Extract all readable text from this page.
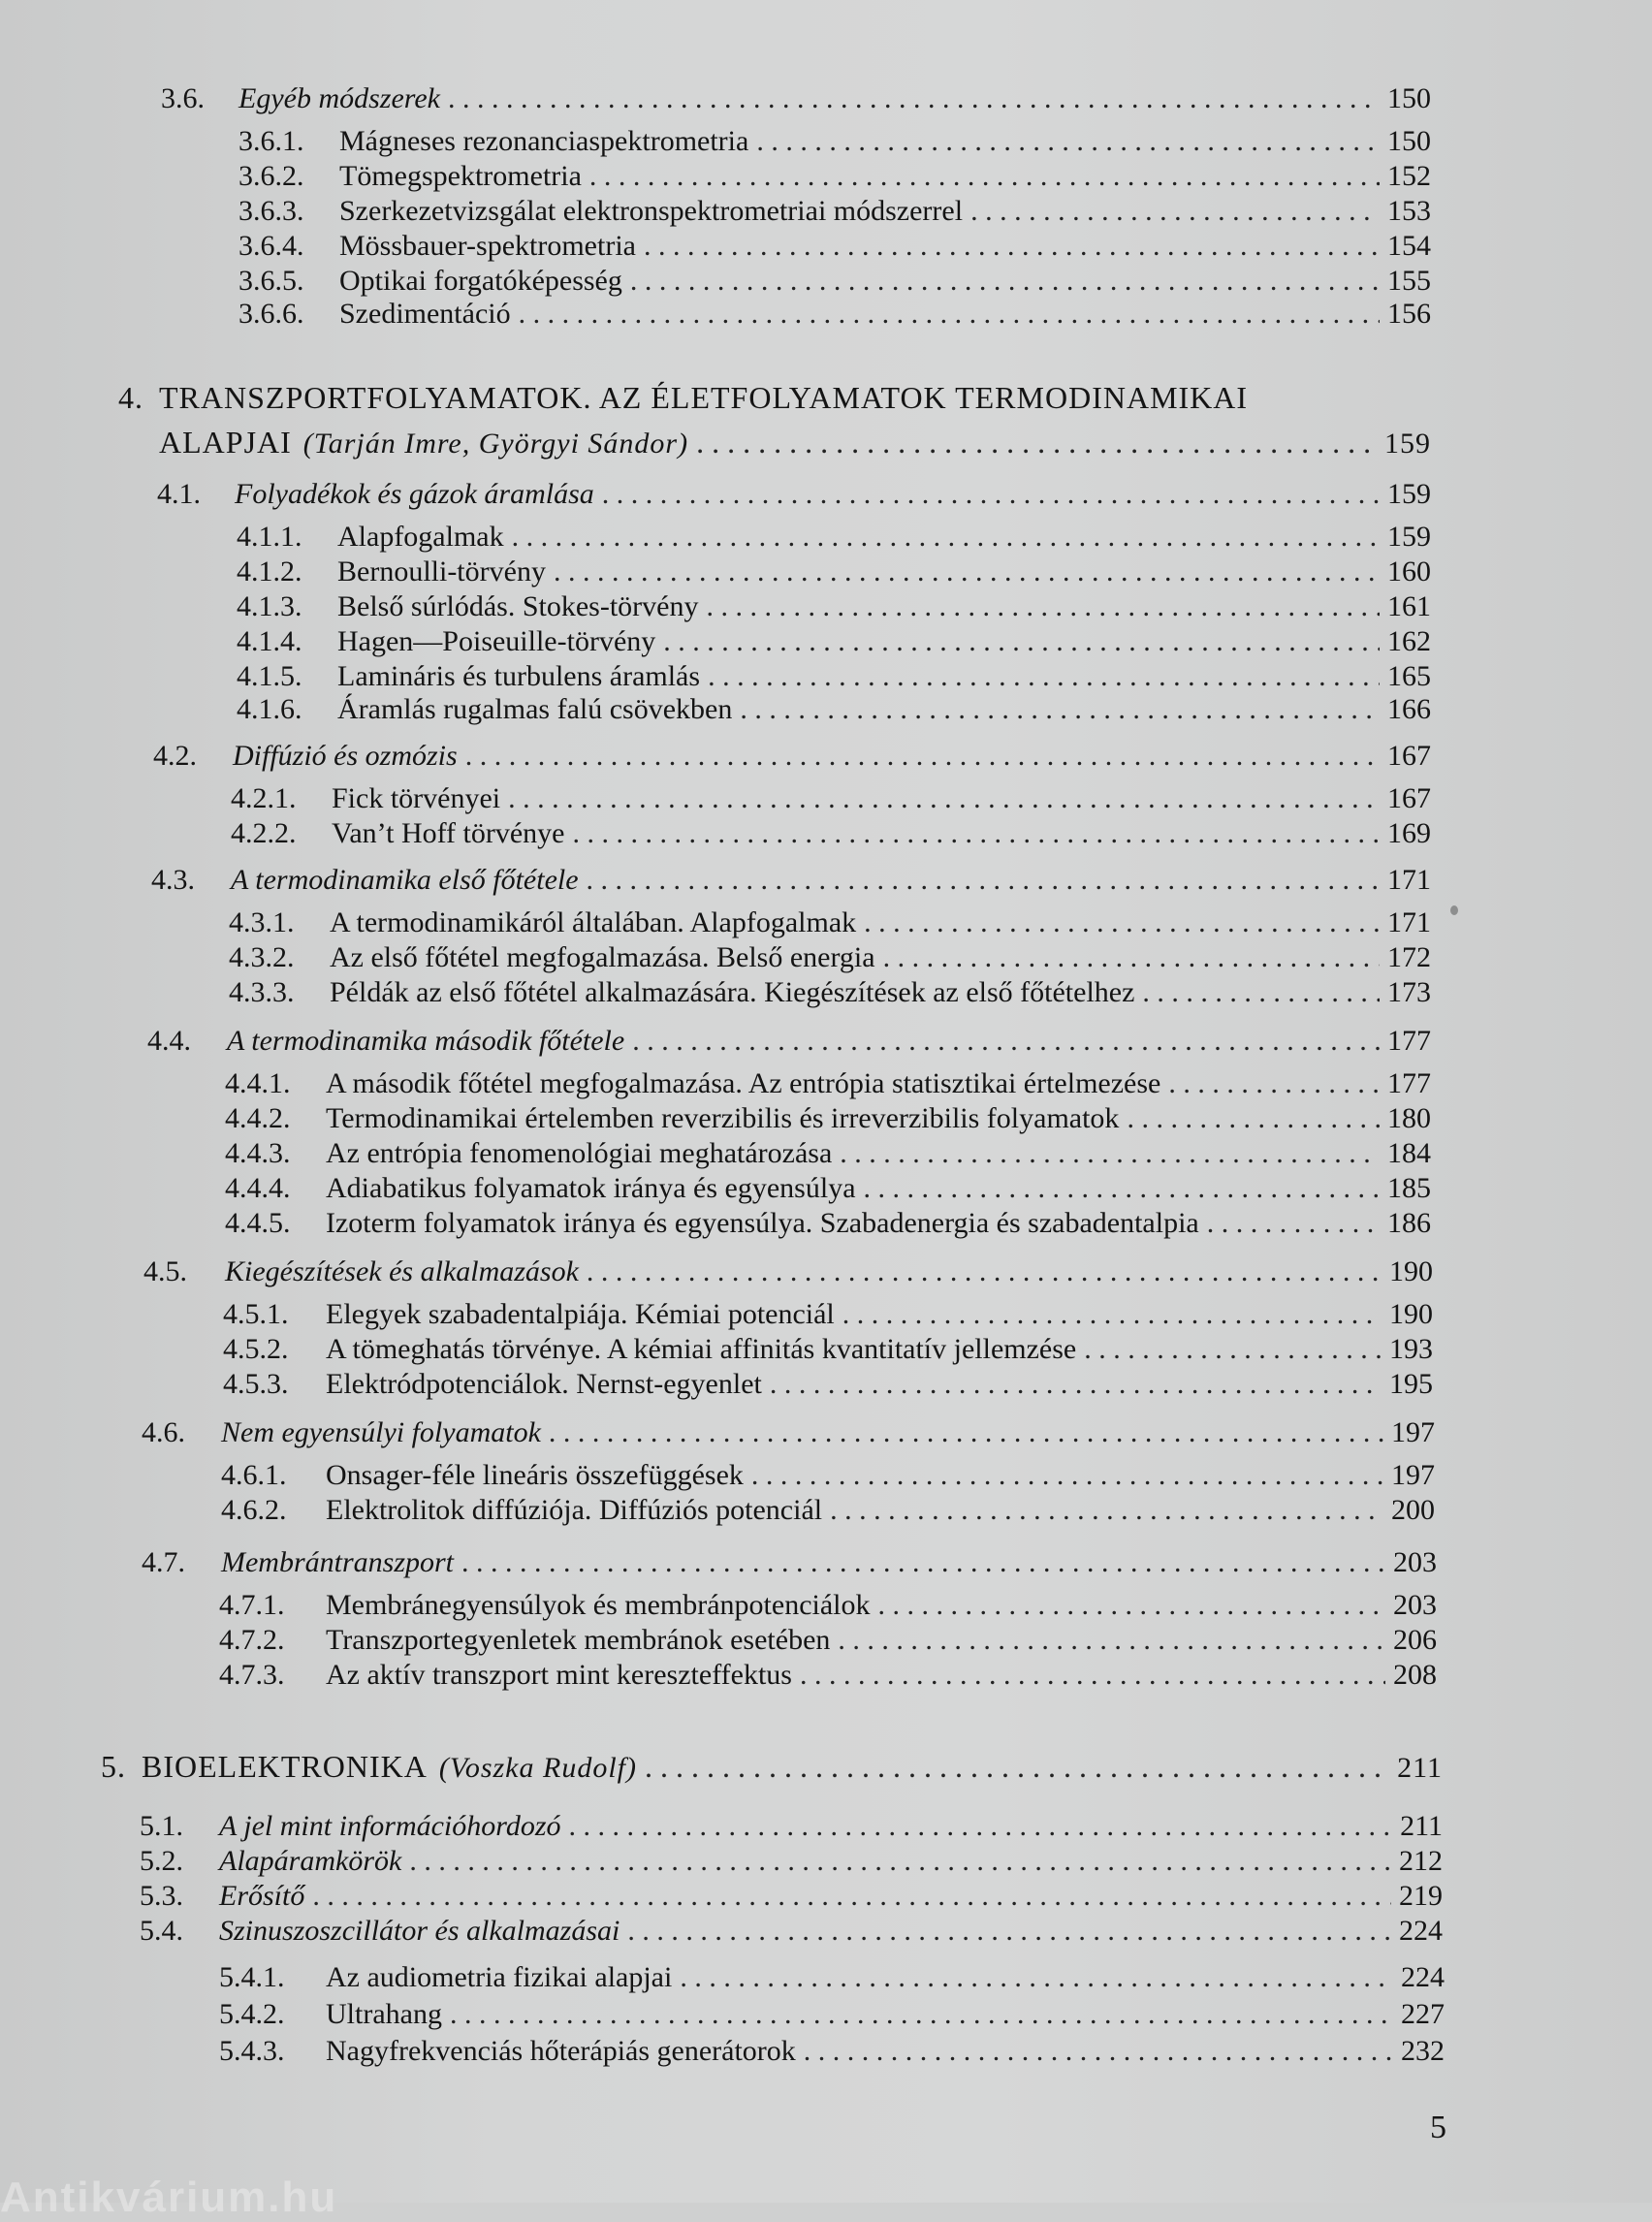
3.6.	Egyéb módszerek . . .	150
3.6.1.	Mágneses rezonanciaspektrometria . . .	150
3.6.2.	Tömegspektrometria . . .	152
3.6.3.	Szerkezetvizsgálat elektronspektrometriai módszerrel . . .	153
3.6.4.	Mössbauer-spektrometria . . .	154
3.6.5.	Optikai forgatóképesség . . .	155
3.6.6.	Szedimentáció . . .	156
4. TRANSZPORTFOLYAMATOK. AZ ÉLETFOLYAMATOK TERMODINAMIKAI
ALAPJAI (Tarján Imre, Györgyi Sándor) . . .	159
4.1.	Folyadékok és gázok áramlása . . .	159
4.1.1.	Alapfogalmak . . .	159
4.1.2.	Bernoulli-törvény . . .	160
4.1.3.	Belső súrlódás. Stokes-törvény . . .	161
4.1.4.	Hagen—Poiseuille-törvény . . .	162
4.1.5.	Lamináris és turbulens áramlás . . .	165
4.1.6.	Áramlás rugalmas falú csövekben . . .	166
4.2.	Diffúzió és ozmózis . . .	167
4.2.1.	Fick törvényei . . .	167
4.2.2.	Van’t Hoff törvénye . . .	169
4.3.	A termodinamika első főtétele . . .	171
4.3.1.	A termodinamikáról általában. Alapfogalmak . . .	171
4.3.2.	Az első főtétel megfogalmazása. Belső energia . . .	172
4.3.3.	Példák az első főtétel alkalmazására. Kiegészítések az első főtételhez . . .	173
4.4.	A termodinamika második főtétele . . .	177
4.4.1.	A második főtétel megfogalmazása. Az entrópia statisztikai értelmezése . . .	177
4.4.2.	Termodinamikai értelemben reverzibilis és irreverzibilis folyamatok . . .	180
4.4.3.	Az entrópia fenomenológiai meghatározása . . .	184
4.4.4.	Adiabatikus folyamatok iránya és egyensúlya . . .	185
4.4.5.	Izoterm folyamatok iránya és egyensúlya. Szabadenergia és szabadentalpia . . .	186
4.5.	Kiegészítések és alkalmazások . . .	190
4.5.1.	Elegyek szabadentalpiája. Kémiai potenciál . . .	190
4.5.2.	A tömeghatás törvénye. A kémiai affinitás kvantitatív jellemzése . . .	193
4.5.3.	Elektródpotenciálok. Nernst-egyenlet . . .	195
4.6.	Nem egyensúlyi folyamatok . . .	197
4.6.1.	Onsager-féle lineáris összefüggések . . .	197
4.6.2.	Elektrolitok diffúziója. Diffúziós potenciál . . .	200
4.7.	Membrántranszport . . .	203
4.7.1.	Membránegyensúlyok és membránpotenciálok . . .	203
4.7.2.	Transzportegyenletek membránok esetében . . .	206
4.7.3.	Az aktív transzport mint kereszteffektus . . .	208
5. BIOELEKTRONIKA (Voszka Rudolf) . . .	211
5.1.	A jel mint információhordozó . . .	211
5.2.	Alapáramkörök . . .	212
5.3.	Erősítő . . .	219
5.4.	Szinuszoszcillátor és alkalmazásai . . .	224
5.4.1.	Az audiometria fizikai alapjai . . .	224
5.4.2.	Ultrahang . . .	227
5.4.3.	Nagyfrekvenciás hőterápiás generátorok . . .	232
5
Antikvárium.hu
